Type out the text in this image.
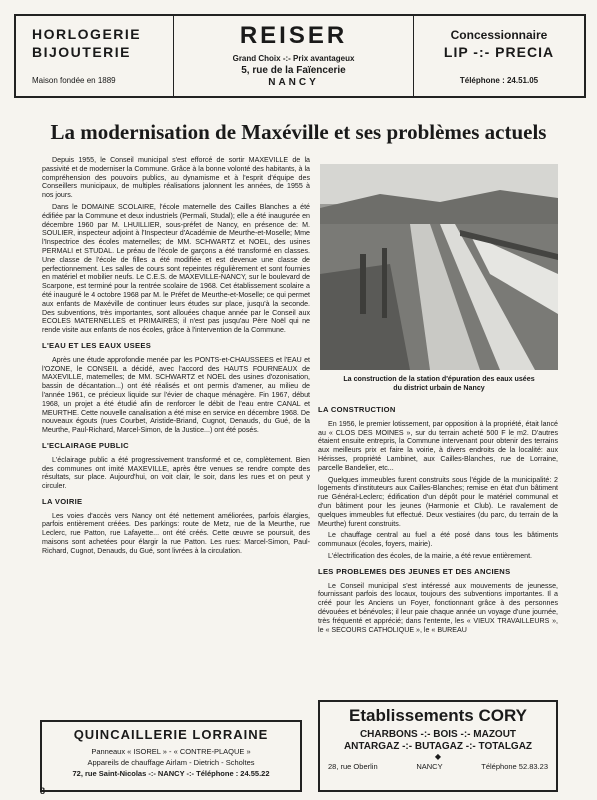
HORLOGERIE
BIJOUTERIE
Maison fondée en 1889
REISER
Grand Choix -:- Prix avantageux
5, rue de la Faïencerie
NANCY
Concessionnaire
LIP -:- PRECIA
Téléphone : 24.51.05
La modernisation de Maxéville et ses problèmes actuels

Depuis 1955, le Conseil municipal s'est efforcé de sortir MAXEVILLE de la passivité et de moderniser la Commune. Grâce à la bonne volonté des habitants, à la compréhension des pouvoirs publics, au dynamisme et à l'esprit d'équipe des Conseillers municipaux, de multiples réalisations jalonnent les années, de 1955 à nos jours.

Dans le DOMAINE SCOLAIRE, l'école maternelle des Cailles Blanches a été édifiée par la Commune et deux industriels (Permali, Studal); elle a été inaugurée en décembre 1960 par M. LHUILLIER, sous-préfet de Nancy, en présence de: M. SOULIER, inspecteur adjoint à l'Inspecteur d'Académie de Meurthe-et-Moselle; Mme l'Inspectrice des écoles maternelles; de MM. SCHWARTZ et NOEL, des usines PERMALI et STUDAL. Le préau de l'école de garçons a été transformé en classes. Une classe de l'école de filles a été modifiée et est devenue une classe de perfectionnement. Les salles de cours sont repeintes régulièrement et sont fournies en matériel et mobilier neufs. Le C.E.S. de MAXEVILLE-NANCY, sur le boulevard de Scarpone, est terminé pour la rentrée scolaire de 1968. Cet établissement scolaire a été inauguré le 4 octobre 1968 par M. le Préfet de Meurthe-et-Moselle; ce qui permet aux enfants de Maxéville de continuer leurs études sur place, jusqu'à la seconde. Des subventions, très importantes, sont allouées chaque année par le Conseil aux ECOLES MATERNELLES et PRIMAIRES; il n'est pas jusqu'au Père Noël qui ne rende visite aux enfants de nos écoles, grâce à l'intervention de la Commune.

L'EAU ET LES EAUX USEES

Après une étude approfondie menée par les PONTS-et-CHAUSSEES et l'EAU et l'OZONE, le CONSEIL a décidé, avec l'accord des HAUTS FOURNEAUX de MAXEVILLE, matemelles; de MM. SCHWARTZ et NOEL des usines d'ozonisation, bassin de décantation...) ont été réalisés et ont permis d'amener, au milieu de l'année 1961, ce précieux liquide sur l'évier de chaque ménagère. Fin 1967, début 1968, un projet a été étudié afin de renforcer le débit de l'eau entre CANAL et MEURTHE. Cette nouvelle canalisation a été mise en service en décembre 1968. De nouveaux égouts (rues Courbet, Aristide-Briand, Cugnot, Denauds, du Gué, de la Meurthe, Paul-Richard, Marcel-Simon, de la Justice...) ont été posés.

L'ECLAIRAGE PUBLIC

L'éclairage public a été progressivement transformé et ce, complètement. Bien des communes ont imité MAXEVILLE, après être venues se rendre compte des résultats, sur place. Aujourd'hui, on voit clair, le soir, dans les rues et on peut y circuler.

LA VOIRIE

Les voies d'accès vers Nancy ont été nettement améliorées, parfois élargies, parfois entièrement créées. Des parkings: route de Metz, rue de la Meurthe, rue Leclerc, rue Patton, rue Lafayette... ont été créés. Cette œuvre se poursuit, des maisons sont achetées pour élargir la rue Patton. Les rues: Marcel-Simon, Paul-Richard, Cugnot, Denauds, du Gué, sont livrées à la circulation.

La construction de la station d'épuration des eaux usées
du district urbain de Nancy
LA CONSTRUCTION

En 1956, le premier lotissement, par opposition à la propriété, était lancé au « CLOS DES MOINES », sur du terrain acheté 500 F le m2. D'autres étaient ensuite entrepris, la Commune intervenant pour obtenir des terrains aux meilleurs prix et faire la voirie, à divers endroits de la localité: aux Hérisses, propriété Lambinet, aux Cailles-Blanches, rue de Lorraine, parcelle Bandelier, etc...

Quelques immeubles furent construits sous l'égide de la municipalité: 2 logements d'instituteurs aux Cailles-Blanches; remise en état d'un bâtiment rue Général-Leclerc; édification d'un dépôt pour le matériel communal et d'un bâtiment pour les jeunes (Harmonie et Club). Le ravalement de quelques immeubles fut effectué. Deux vestiaires (du parc, du terrain de la Meurthe) furent construits.

Le chauffage central au fuel a été posé dans tous les bâtiments communaux (écoles, foyers, mairie).

L'électrification des écoles, de la mairie, a été revue entièrement.

LES PROBLEMES DES JEUNES ET DES ANCIENS

Le Conseil municipal s'est intéressé aux mouvements de jeunesse, fournissant parfois des locaux, toujours des subventions importantes. Il a créé pour les Anciens un Foyer, fonctionnant grâce à des personnes dévouées et bénévoles; il leur paie chaque année un voyage d'une journée, très fréquenté et apprécié; dans l'entente, les « VIEUX TRAVAILLEURS », le « SECOURS CATHOLIQUE », le « BUREAU

QUINCAILLERIE LORRAINE
Panneaux « ISOREL » - « CONTRE-PLAQUE »
Appareils de chauffage Airlam - Dietrich - Scholtes
72, rue Saint-Nicolas -:- NANCY -:- Téléphone : 24.55.22
Etablissements CORY
CHARBONS -:- BOIS -:- MAZOUT
ANTARGAZ -:- BUTAGAZ -:- TOTALGAZ
◆
28, rue Oberlin	NANCY	Téléphone 52.83.23
8
